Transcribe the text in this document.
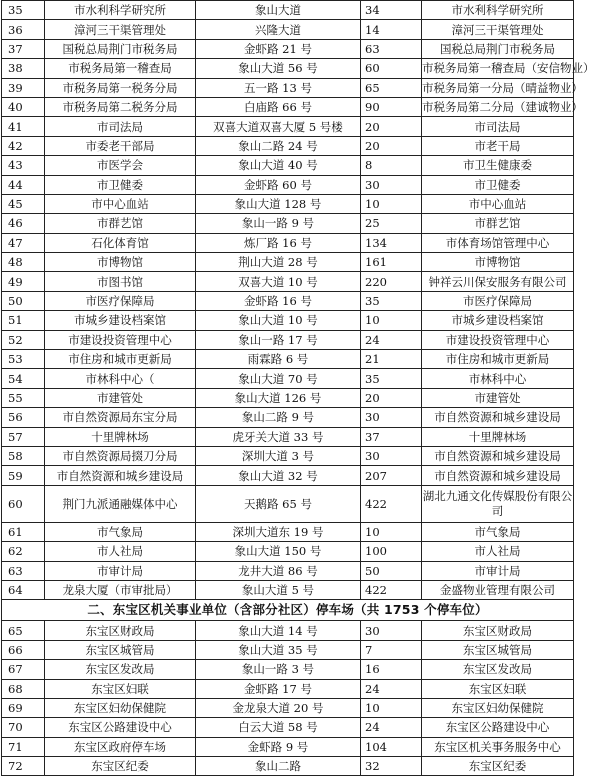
35	市水利科学研究所	象山大道	34	市水利科学研究所
36	漳河三干渠管理处	兴隆大道	14	漳河三干渠管理处
37	国税总局荆门市税务局	金虾路 21 号	63	国税总局荆门市税务局
38	市税务局第一稽查局	象山大道 56 号	60	市税务局第一稽查局（安信物业）
39	市税务局第一税务分局	五一路 13 号	65	市税务局第一分局（晴益物业）
40	市税务局第二税务分局	白庙路 66 号	90	市税务局第二分局（建诚物业）
41	市司法局	双喜大道双喜大厦 5 号楼	20	市司法局
42	市委老干部局	象山二路 24 号	20	市老干局
43	市医学会	象山大道 40 号	8	市卫生健康委
44	市卫健委	金虾路 60 号	30	市卫健委
45	市中心血站	象山大道 128 号	10	市中心血站
46	市群艺馆	象山一路 9 号	25	市群艺馆
47	石化体育馆	炼厂路 16 号	134	市体育场馆管理中心
48	市博物馆	荆山大道 28 号	161	市博物馆
49	市图书馆	双喜大道 10 号	220	钟祥云川保安服务有限公司
50	市医疗保障局	金虾路 16 号	35	市医疗保障局
51	市城乡建设档案馆	象山大道 10 号	10	市城乡建设档案馆
52	市建设投资管理中心	象山一路 17 号	24	市建设投资管理中心
53	市住房和城市更新局	雨霖路 6 号	21	市住房和城市更新局
54	市林科中心（	象山大道 70 号	35	市林科中心
55	市建管处	象山大道 126 号	20	市建管处
56	市自然资源局东宝分局	象山二路 9 号	30	市自然资源和城乡建设局
57	十里牌林场	虎牙关大道 33 号	37	十里牌林场
58	市自然资源局掇刀分局	深圳大道 3 号	30	市自然资源和城乡建设局
59	市自然资源和城乡建设局	象山大道 32 号	207	市自然资源和城乡建设局
60	荆门九派通融媒体中心	天鹅路 65 号	422	湖北九通文化传媒股份有限公司
61	市气象局	深圳大道东 19 号	10	市气象局
62	市人社局	象山大道 150 号	100	市人社局
63	市审计局	龙井大道 86 号	50	市审计局
64	龙泉大厦（市审批局）	象山大道 5 号	422	金盛物业管理有限公司
二、东宝区机关事业单位（含部分社区）停车场（共 1753 个停车位）				
65	东宝区财政局	象山大道 14 号	30	东宝区财政局
66	东宝区城管局	象山大道 35 号	7	东宝区城管局
67	东宝区发改局	象山一路 3 号	16	东宝区发改局
68	东宝区妇联	金虾路 17 号	24	东宝区妇联
69	东宝区妇幼保健院	金龙泉大道 20 号	10	东宝区妇幼保健院
70	东宝区公路建设中心	白云大道 58 号	24	东宝区公路建设中心
71	东宝区政府停车场	金虾路 9 号	104	东宝区机关事务服务中心
72	东宝区纪委	象山二路	32	东宝区纪委
